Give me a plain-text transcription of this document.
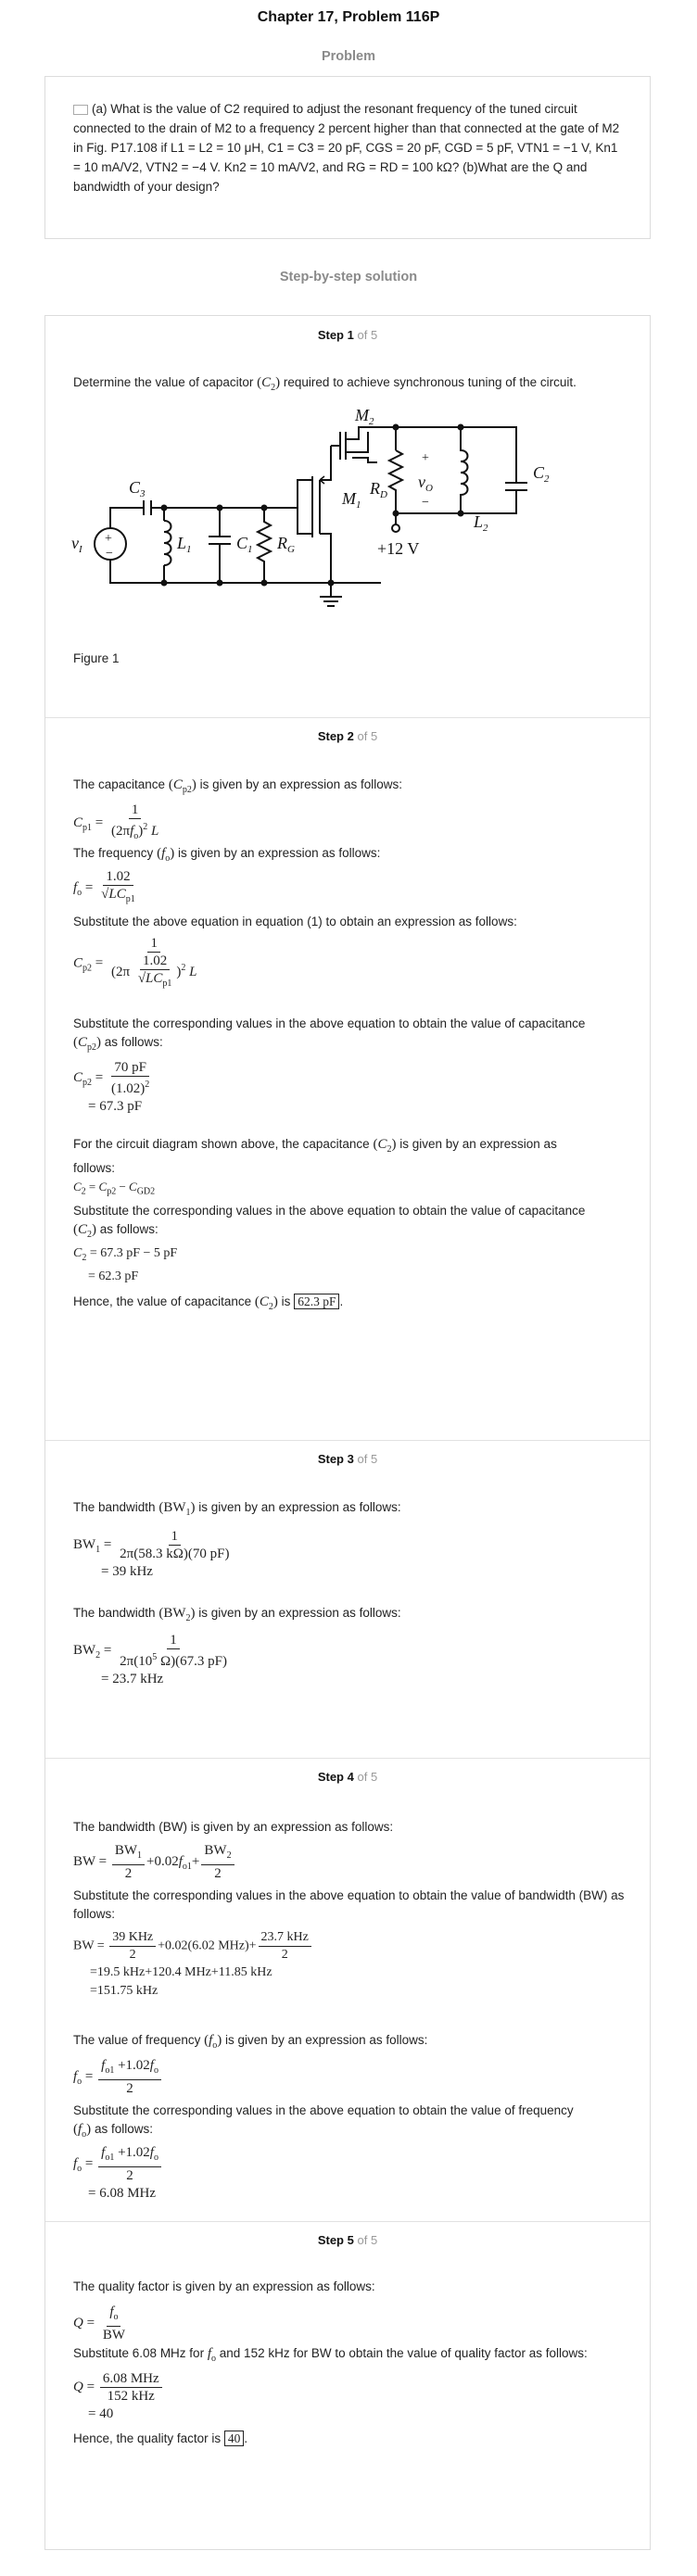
Chapter 17, Problem 116P
Problem
(a) What is the value of C2 required to adjust the resonant frequency of the tuned circuit connected to the drain of M2 to a frequency 2 percent higher than that connected at the gate of M2 in Fig. P17.108 if L1 = L2 = 10 μH, C1 = C3 = 20 pF, CGS = 20 pF, CGD = 5 pF, VTN1 = −1 V, Kn1 = 10 mA/V2, VTN2 = −4 V. Kn2 = 10 mA/V2, and RG = RD = 100 kΩ? (b)What are the Q and bandwidth of your design?
Step-by-step solution
Step 1 of 5
Determine the value of capacitor $(C_2)$ required to achieve synchronous tuning of the circuit.
+
−
$v_I$
$C_3$
$L_1$	$C_1$ $R_G$
$M_1$
$M_2$
$R_D$
+
$v_O$
−
$L_2$
$C_2$
+12 V
Figure 1
Step 2 of 5
The capacitance $(C_{p2})$ is given by an expression as follows:
$C_{p1} = \frac{1}{(2\pi f_o)^2 L}$
The frequency $(f_o)$ is given by an expression as follows:
$f_o = \frac{1.02}{√LC_{p1}}$
Substitute the above equation in equation (1) to obtain an expression as follows:
$C_{p2} = \frac{1}{(2\pi \frac{1.02}{√LC_{p1}} )^2 L}$
Substitute the corresponding values in the above equation to obtain the value of capacitance
$(C_{p2})$ as follows:
$C_{p2} = \frac{70 pF}{(1.02)^2}$

= 67.3 pF
For the circuit diagram shown above, the capacitance $(C_2)$ is given by an expression as
follows:
$C_2 = C_{p2} - C_{GD2}$
Substitute the corresponding values in the above equation to obtain the value of capacitance
$(C_2)$ as follows:
$C_2 = 67.3$ pF − 5 pF
= 62.3 pF
Hence, the value of capacitance $(C_2)$ is 62.3 pF .
Step 3 of 5
The bandwidth $(BW_1)$ is given by an expression as follows:
$BW_1 = \frac{1}{2\pi(58.3 k\Omega)(70 pF)}$

= 39 kHz
The bandwidth $(BW_2)$ is given by an expression as follows:
$BW_2 = \frac{1}{2\pi(10^5 \Omega)(67.3 pF)}$

= 23.7 kHz
Step 4 of 5
The bandwidth (BW) is given by an expression as follows:
BW = $\frac{BW_1}{2} +0.02f_{o1}+ \frac{BW_2}{2}$
Substitute the corresponding values in the above equation to obtain the value of bandwidth (BW) as follows:
BW = $\frac{\text{39 KHz}}{2} +0.02(6.02$ $MHz)+ \frac{\text{23.7 kHz}}{2}$

=19.5 kHz+120.4 MHz+11.85 kHz
=151.75 kHz
The value of frequency $(f_o)$ is given by an expression as follows:
$f_o = \frac{f_{o1} +1.02f_o}{2}$
Substitute the corresponding values in the above equation to obtain the value of frequency
$(f_o)$ as follows:
$f_o = \frac{f_{o1} +1.02f_o}{2}$

= 6.08 MHz
Step 5 of 5
The quality factor is given by an expression as follows:
$Q = \frac{f_o}{BW}$
Substitute 6.08 MHz for $f_o$ and 152 kHz for BW to obtain the value of quality factor as follows:
$Q = \frac{\text{6.08 MHz}}{\text{152 kHz}}$

= 40
Hence, the quality factor is 40 .
